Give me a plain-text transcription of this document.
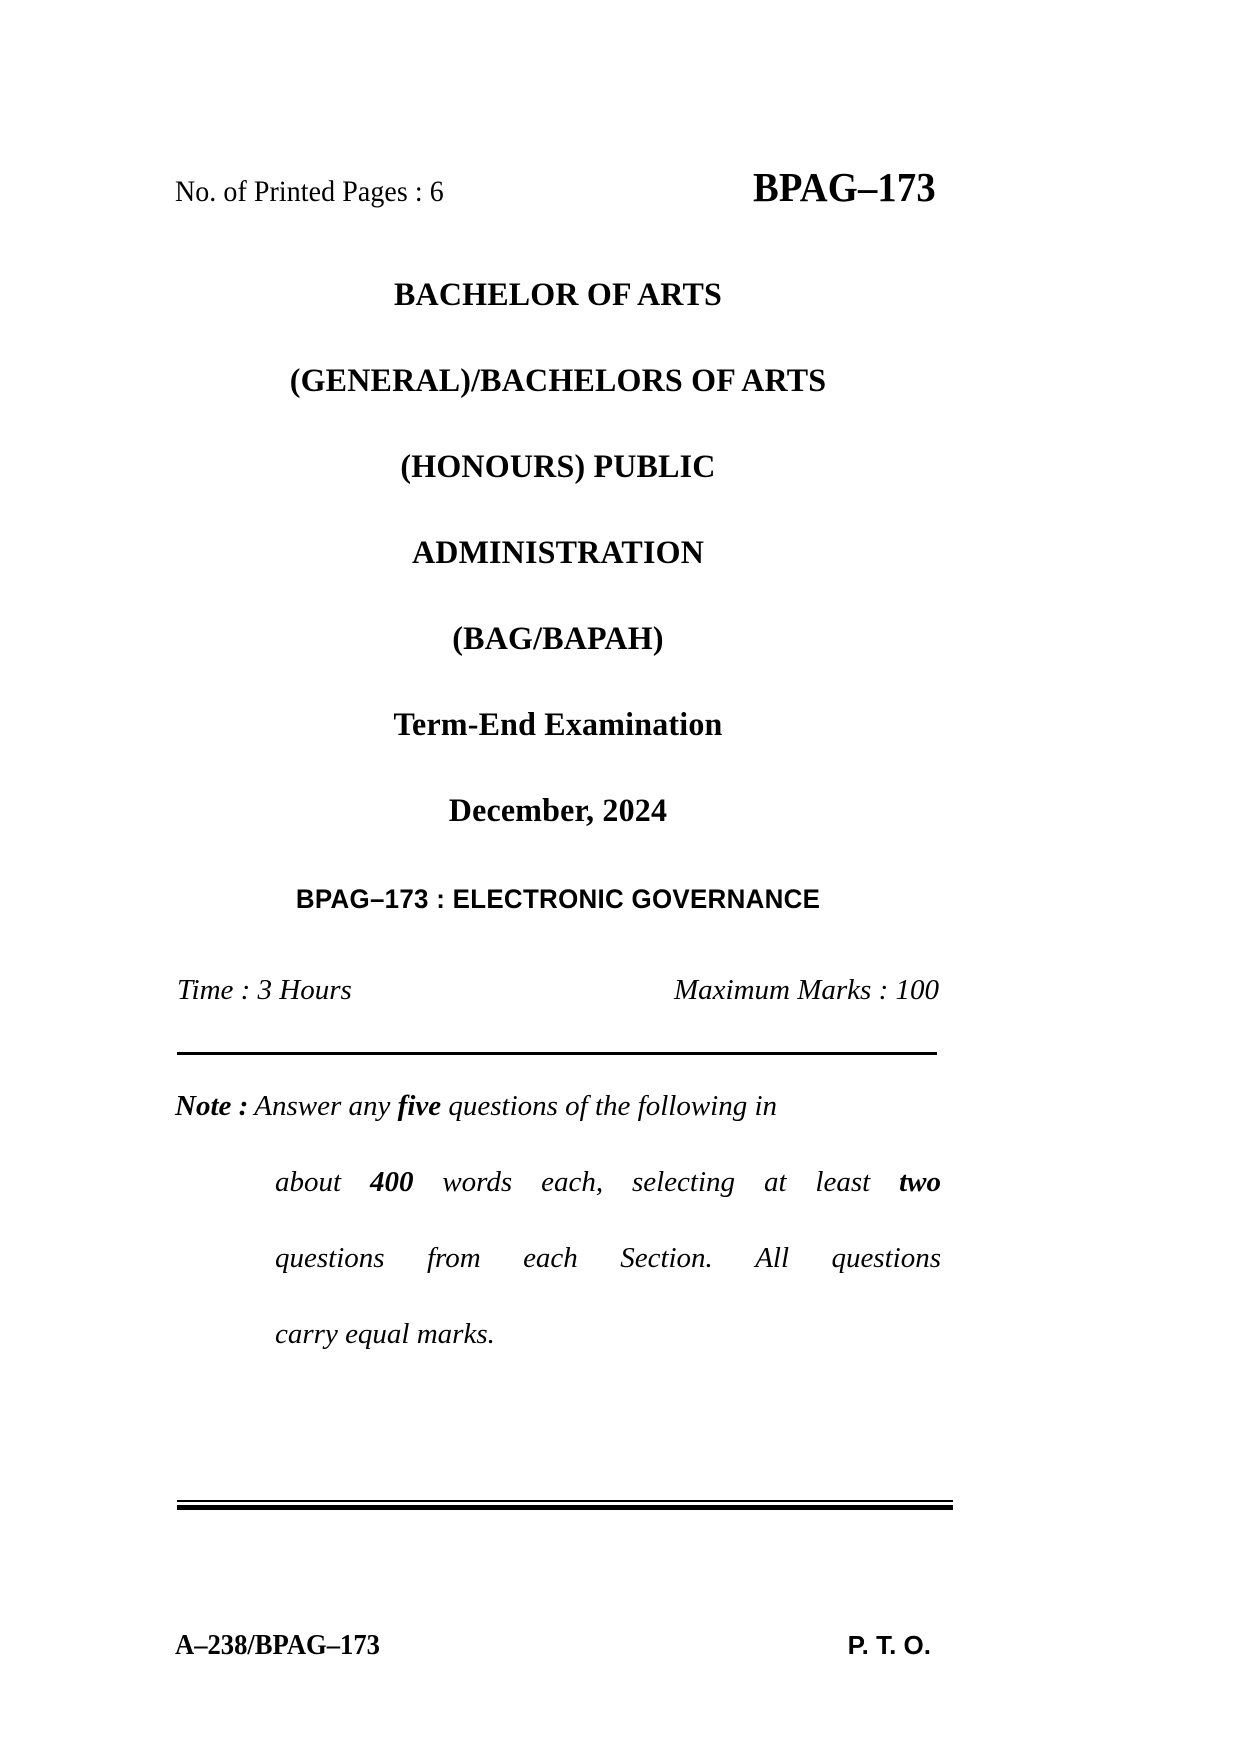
No. of Printed Pages : 6	BPAG–173
BACHELOR OF ARTS
(GENERAL)/BACHELORS OF ARTS
(HONOURS) PUBLIC
ADMINISTRATION
(BAG/BAPAH)
Term-End Examination
December, 2024
BPAG–173 : ELECTRONIC GOVERNANCE
Time : 3 Hours	Maximum Marks : 100
Note : Answer any five questions of the following in
about 400 words each, selecting at least two
questions from each Section. All questions
carry equal marks.
A–238/BPAG–173	P. T. O.
